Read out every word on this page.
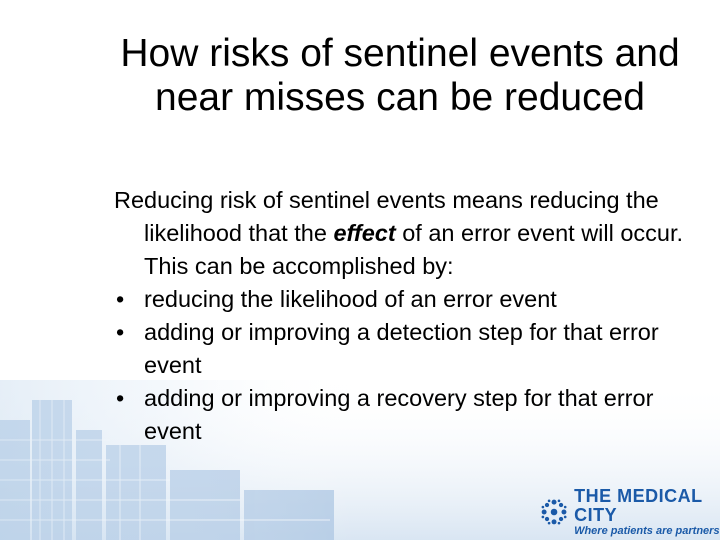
How risks of sentinel events and near misses can be reduced

Reducing risk of sentinel events means reducing the likelihood that the effect of an error event will occur. This can be accomplished by:

• reducing the likelihood of an error event
• adding or improving a detection step for that error event
• adding or improving a recovery step for that error event
THE MEDICAL CITY
Where patients are partners
